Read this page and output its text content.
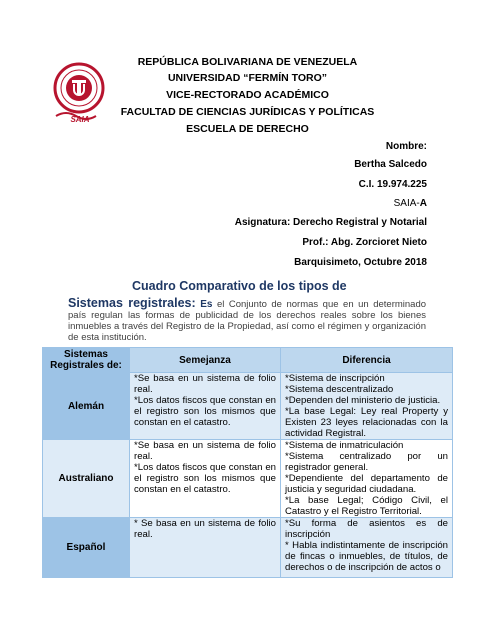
SAIA
REPÚBLICA BOLIVARIANA DE VENEZUELA
UNIVERSIDAD “FERMÍN TORO”
VICE-RECTORADO ACADÉMICO
FACULTAD DE CIENCIAS JURÍDICAS Y POLÍTICAS
ESCUELA DE DERECHO
Nombre:
Bertha Salcedo
C.I. 19.974.225
SAIA-A
Asignatura: Derecho Registral y Notarial
Prof.: Abg. Zorcioret Nieto
Barquisimeto, Octubre 2018
Cuadro Comparativo de los tipos de
Sistemas registrales: Es el Conjunto de normas que en un determinado país regulan las formas de publicidad de los derechos reales sobre los bienes inmuebles a través del Registro de la Propiedad, así como el régimen y organización de esta institución.
Sistemas Registrales de:	Semejanza	Diferencia
Alemán	*Se basa en un sistema de folio real.
*Los datos fiscos que constan en el registro son los mismos que constan en el catastro.	*Sistema de inscripción
*Sistema descentralizado
*Dependen del ministerio de justicia.
*La base Legal: Ley real Property y Existen 23 leyes relacionadas con la actividad Registral.

Australiano	*Se basa en un sistema de folio real.
*Los datos fiscos que constan en el registro son los mismos que constan en el catastro.	*Sistema de inmatriculación
*Sistema centralizado por un registrador general.
*Dependiente del departamento de justicia y seguridad ciudadana.
*La base Legal; Código Civil, el Catastro y el Registro Territorial.

Español	* Se basa en un sistema de folio real.	*Su forma de asientos es de inscripción
* Habla indistintamente de inscripción de fincas o inmuebles, de títulos, de derechos o de inscripción de actos o
